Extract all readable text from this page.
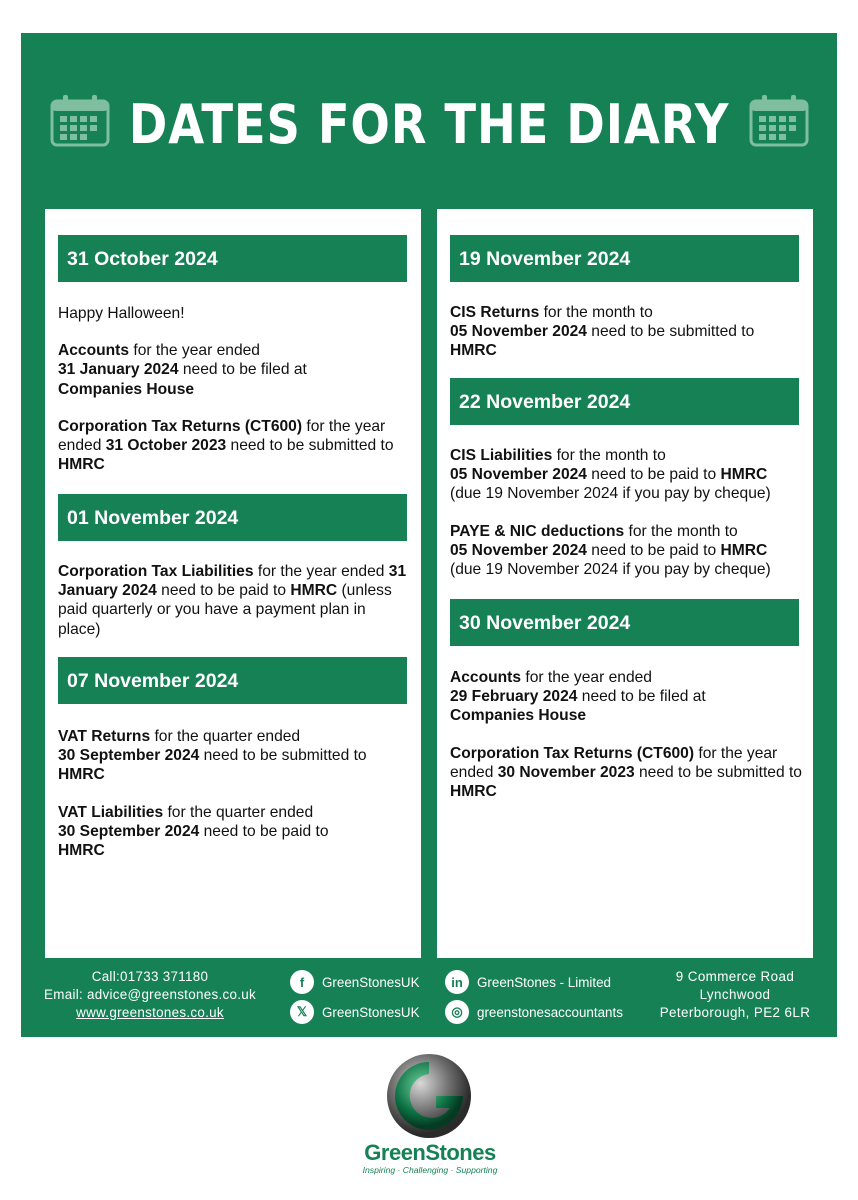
DATES FOR THE DIARY
31 October 2024

Happy Halloween!

Accounts for the year ended
31 January 2024 need to be filed at
Companies House

Corporation Tax Returns (CT600) for the year ended 31 October 2023 need to be submitted to HMRC

01 November 2024

Corporation Tax Liabilities for the year ended 31 January 2024 need to be paid to HMRC (unless paid quarterly or you have a payment plan in place)

07 November 2024

VAT Returns for the quarter ended
30 September 2024 need to be submitted to
HMRC

VAT Liabilities for the quarter ended
30 September 2024 need to be paid to
HMRC

19 November 2024

CIS Returns for the month to
05 November 2024 need to be submitted to
HMRC

22 November 2024

CIS Liabilities for the month to
05 November 2024 need to be paid to HMRC
(due 19 November 2024 if you pay by cheque)

PAYE & NIC deductions for the month to
05 November 2024 need to be paid to HMRC
(due 19 November 2024 if you pay by cheque)

30 November 2024

Accounts for the year ended
29 February 2024 need to be filed at
Companies House

Corporation Tax Returns (CT600) for the year ended 30 November 2023 need to be submitted to HMRC

Call:01733 371180
Email: advice@greenstones.co.uk
www.greenstones.co.uk
f	GreenStonesUK
𝕏	GreenStonesUK
in	GreenStones - Limited
◎	greenstonesaccountants
9 Commerce Road
Lynchwood
Peterborough, PE2 6LR
GreenStones
Inspiring · Challenging · Supporting
